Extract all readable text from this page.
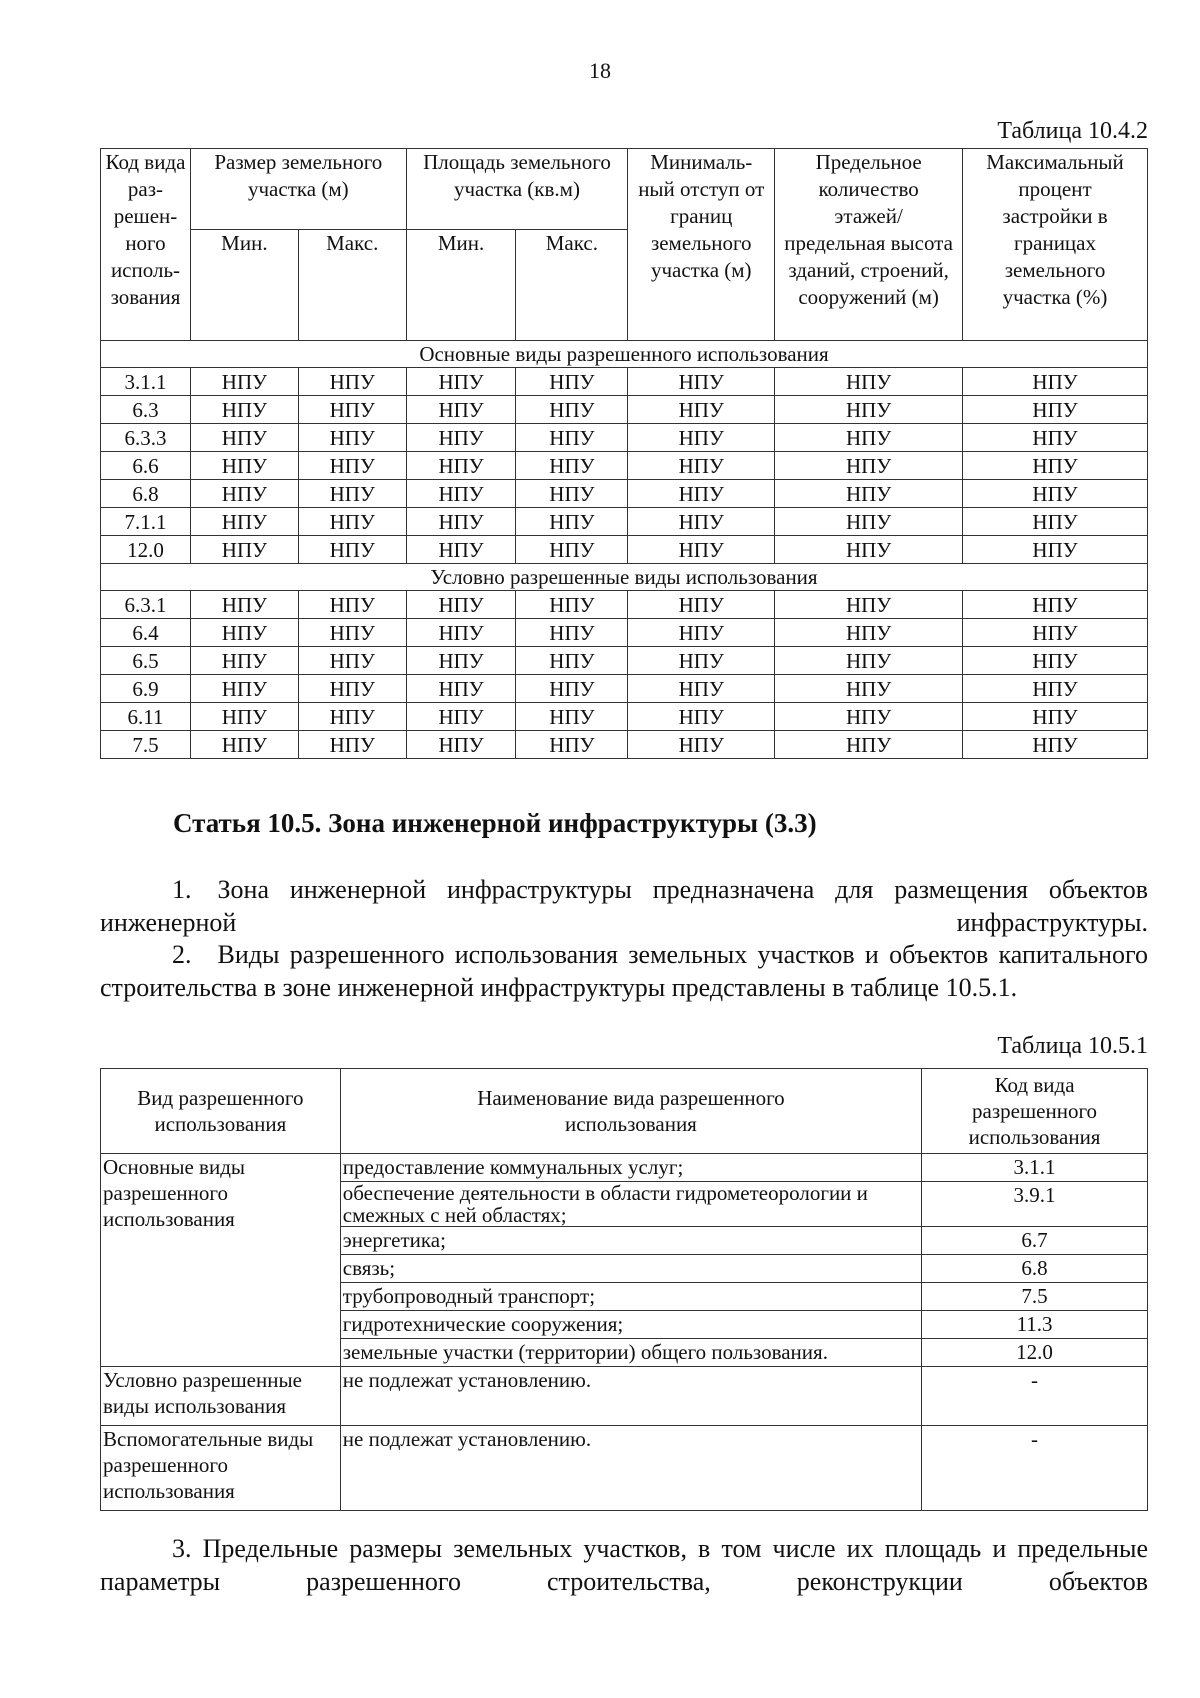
18
Таблица 10.4.2
Код вида раз- решен- ного исполь- зования	Размер земельного участка (м)		Площадь земельного участка (кв.м)		Минималь- ный отступ от границ земельного участка (м)	Предельное количество этажей/ предельная высота зданий, строений, сооружений (м)	Максимальный процент застройки в границах земельного участка (%)
	Мин.	Макс.	Мин.	Макс.			
Основные виды разрешенного использования							
3.1.1	НПУ	НПУ	НПУ	НПУ	НПУ	НПУ	НПУ
6.3	НПУ	НПУ	НПУ	НПУ	НПУ	НПУ	НПУ
6.3.3	НПУ	НПУ	НПУ	НПУ	НПУ	НПУ	НПУ
6.6	НПУ	НПУ	НПУ	НПУ	НПУ	НПУ	НПУ
6.8	НПУ	НПУ	НПУ	НПУ	НПУ	НПУ	НПУ
7.1.1	НПУ	НПУ	НПУ	НПУ	НПУ	НПУ	НПУ
12.0	НПУ	НПУ	НПУ	НПУ	НПУ	НПУ	НПУ
Условно разрешенные виды использования							
6.3.1	НПУ	НПУ	НПУ	НПУ	НПУ	НПУ	НПУ
6.4	НПУ	НПУ	НПУ	НПУ	НПУ	НПУ	НПУ
6.5	НПУ	НПУ	НПУ	НПУ	НПУ	НПУ	НПУ
6.9	НПУ	НПУ	НПУ	НПУ	НПУ	НПУ	НПУ
6.11	НПУ	НПУ	НПУ	НПУ	НПУ	НПУ	НПУ
7.5	НПУ	НПУ	НПУ	НПУ	НПУ	НПУ	НПУ
Статья 10.5. Зона инженерной инфраструктуры (3.3)
1. Зона инженерной инфраструктуры предназначена для размещения объектов инженерной инфраструктуры.
2. Виды разрешенного использования земельных участков и объектов капитального строительства в зоне инженерной инфраструктуры представлены в таблице 10.5.1.
Таблица 10.5.1
Вид разрешенного использования	Наименование вида разрешенного использования	Код вида разрешенного использования
Основные виды разрешенного использования	предоставление коммунальных услуг;	3.1.1
	обеспечение деятельности в области гидрометеорологии и смежных с ней областях;	3.9.1
	энергетика;	6.7
	связь;	6.8
	трубопроводный транспорт;	7.5
	гидротехнические сооружения;	11.3
	земельные участки (территории) общего пользования.	12.0
Условно разрешенные виды использования	не подлежат установлению.	-
Вспомогательные виды разрешенного использования	не подлежат установлению.	-
3. Предельные размеры земельных участков, в том числе их площадь и предельные параметры разрешенного строительства, реконструкции объектов
